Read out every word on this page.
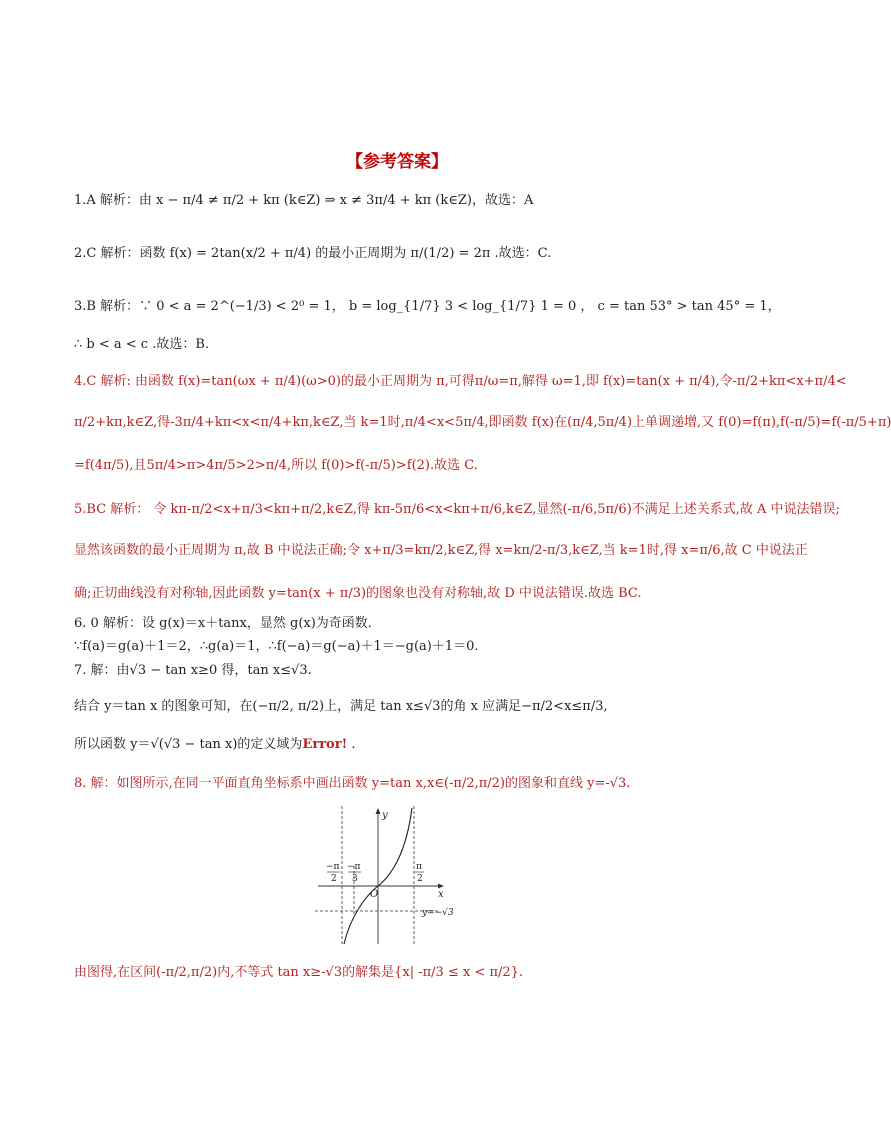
【参考答案】
1.A 解析：由 x − π/4 ≠ π/2 + kπ (k∈Z) ⇒ x ≠ 3π/4 + kπ (k∈Z)，故选：A
2.C 解析：函数 f(x) = 2tan(x/2 + π/4) 的最小正周期为 π/(1/2) = 2π .故选：C.
3.B 解析：∵ 0 < a = 2^(−1/3) < 2⁰ = 1， b = log_{1/7} 3 < log_{1/7} 1 = 0 ， c = tan 53° > tan 45° = 1，
∴ b < a < c .故选：B.
4.C 解析: 由函数 f(x)=tan(ωx + π/4)(ω>0)的最小正周期为 π,可得π/ω=π,解得 ω=1,即 f(x)=tan(x + π/4),令-π/2+kπ<x+π/4<
π/2+kπ,k∈Z,得-3π/4+kπ<x<π/4+kπ,k∈Z,当 k=1时,π/4<x<5π/4,即函数 f(x)在(π/4,5π/4)上单调递增,又 f(0)=f(π),f(-π/5)=f(-π/5+π)
=f(4π/5),且5π/4>π>4π/5>2>π/4,所以 f(0)>f(-π/5)>f(2).故选 C.
5.BC 解析： 令 kπ-π/2<x+π/3<kπ+π/2,k∈Z,得 kπ-5π/6<x<kπ+π/6,k∈Z,显然(-π/6,5π/6)不满足上述关系式,故 A 中说法错误;
显然该函数的最小正周期为 π,故 B 中说法正确;令 x+π/3=kπ/2,k∈Z,得 x=kπ/2-π/3,k∈Z,当 k=1时,得 x=π/6,故 C 中说法正
确;正切曲线没有对称轴,因此函数 y=tan(x + π/3)的图象也没有对称轴,故 D 中说法错误.故选 BC.
6. 0 解析：设 g(x)＝x＋tanx，显然 g(x)为奇函数．
∵f(a)＝g(a)＋1＝2，∴g(a)＝1，∴f(−a)＝g(−a)＋1＝−g(a)＋1＝0.
7. 解：由√3 − tan x≥0 得，tan x≤√3.
结合 y＝tan x 的图象可知，在(−π/2, π/2)上，满足 tan x≤√3的角 x 应满足−π/2<x≤π/3,
所以函数 y＝√(√3 − tan x)的定义域为Error! .
8. 解：如图所示,在同一平面直角坐标系中画出函数 y=tan x,x∈(-π/2,π/2)的图象和直线 y=-√3.
y
x
O
−π
2
−π
3
π
2
y=−√3
由图得,在区间(-π/2,π/2)内,不等式 tan x≥-√3的解集是{x| -π/3 ≤ x < π/2}.
